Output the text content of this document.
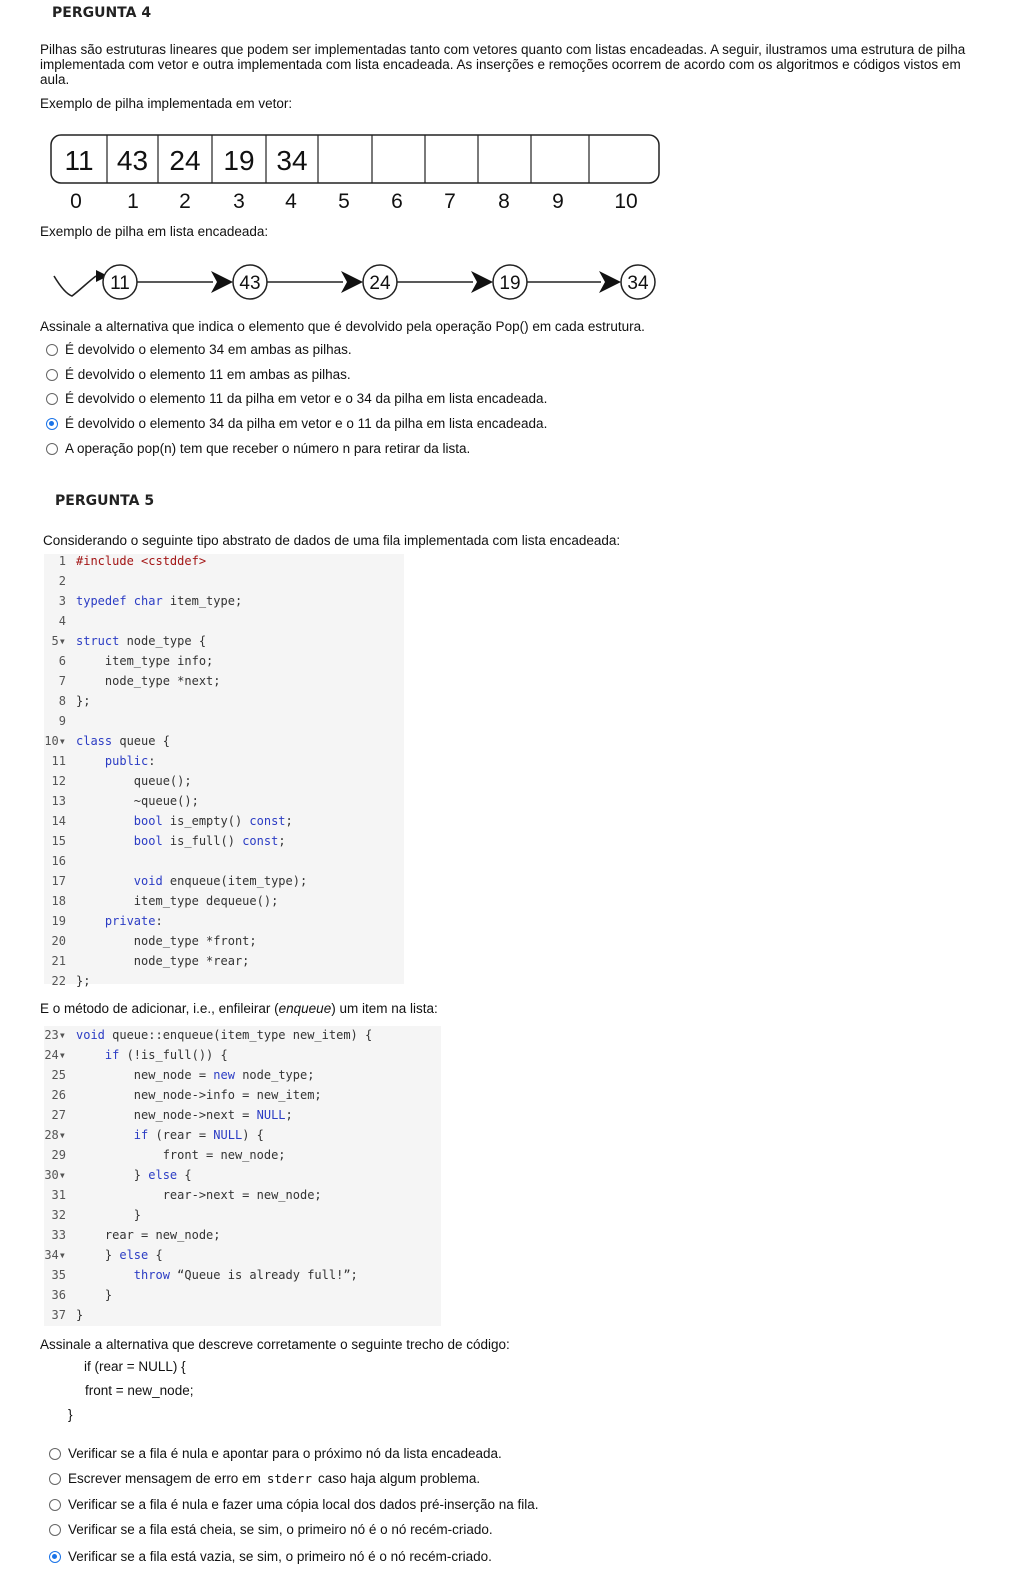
PERGUNTA 4
Pilhas são estruturas lineares que podem ser implementadas tanto com vetores quanto com listas encadeadas. A seguir, ilustramos uma estrutura de pilha
implementada com vetor e outra implementada com lista encadeada. As inserções e remoções ocorrem de acordo com os algoritmos e códigos vistos em
aula.
Exemplo de pilha implementada em vetor:
11 43 24 19 34
0 1 2 3 4 5 6 7 8 9 10
Exemplo de pilha em lista encadeada:
11	43	24	19	34
Assinale a alternativa que indica o elemento que é devolvido pela operação Pop() em cada estrutura.
É devolvido o elemento 34 em ambas as pilhas.
É devolvido o elemento 11 em ambas as pilhas.
É devolvido o elemento 11 da pilha em vetor e o 34 da pilha em lista encadeada.
É devolvido o elemento 34 da pilha em vetor e o 11 da pilha em lista encadeada.
A operação pop(n) tem que receber o número n para retirar da lista.
PERGUNTA 5
Considerando o seguinte tipo abstrato de dados de uma fila implementada com lista encadeada:
1 #include <cstddef>
2
3 typedef char item_type;
4
5▾ struct node_type {
6    item_type info;
7    node_type *next;
8 };
9
10▾ class queue {
11	public:
12        queue();
13        ~queue();
14	bool is_empty() const;
15	bool is_full() const;
16
17	void enqueue(item_type);
18        item_type dequeue();
19	private:
20        node_type *front;
21        node_type *rear;
22 };
E o método de adicionar, i.e., enfileirar (enqueue) um item na lista:
23▾ void queue::enqueue(item_type new_item) {
24▾	if (!is_full()) {
25        new_node = new node_type;
26        new_node->info = new_item;
27        new_node->next = NULL;
28▾	if (rear = NULL) {
29            front = new_node;
30▾        } else {
31            rear->next = new_node;
32        }
33    rear = new_node;
34▾    } else {
35	throw “Queue is already full!”;
36    }
37 }
Assinale a alternativa que descreve corretamente o seguinte trecho de código:
if (rear = NULL) {
front = new_node;
}
Verificar se a fila é nula e apontar para o próximo nó da lista encadeada.
Escrever mensagem de erro em stderr caso haja algum problema.
Verificar se a fila é nula e fazer uma cópia local dos dados pré-inserção na fila.
Verificar se a fila está cheia, se sim, o primeiro nó é o nó recém-criado.
Verificar se a fila está vazia, se sim, o primeiro nó é o nó recém-criado.
